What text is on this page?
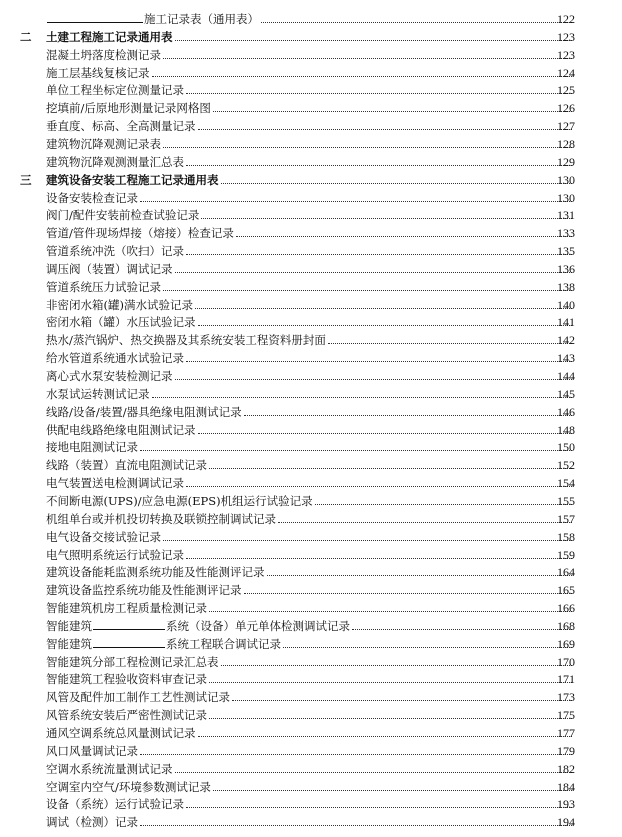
施工记录表（通用表）	122
二 土建工程施工记录通用表	123
混凝土坍落度检测记录	123
施工层基线复核记录	124
单位工程坐标定位测量记录	125
挖填前/后原地形测量记录网格图	126
垂直度、标高、全高测量记录	127
建筑物沉降观测记录表	128
建筑物沉降观测测量汇总表	129
三 建筑设备安装工程施工记录通用表	130
设备安装检查记录	130
阀门/配件安装前检查试验记录	131
管道/管件现场焊接（熔接）检查记录	133
管道系统冲洗（吹扫）记录	135
调压阀（装置）调试记录	136
管道系统压力试验记录	138
非密闭水箱(罐)满水试验记录	140
密闭水箱（罐）水压试验记录	141
热水/蒸汽锅炉、热交换器及其系统安装工程资料册封面	142
给水管道系统通水试验记录	143
离心式水泵安装检测记录	144
水泵试运转测试记录	145
线路/设备/装置/器具绝缘电阻测试记录	146
供配电线路绝缘电阻测试记录	148
接地电阻测试记录	150
线路（装置）直流电阻测试记录	152
电气装置送电检测调试记录	154
不间断电源(UPS)/应急电源(EPS)机组运行试验记录	155
机组单台或并机投切转换及联锁控制调试记录	157
电气设备交接试验记录	158
电气照明系统运行试验记录	159
建筑设备能耗监测系统功能及性能测评记录	164
建筑设备监控系统功能及性能测评记录	165
智能建筑机房工程质量检测记录	166
智能建筑	系统（设备）单元单体检测调试记录	168
智能建筑	系统工程联合调试记录	169
智能建筑分部工程检测记录汇总表	170
智能建筑工程验收资料审查记录	171
风管及配件加工制作工艺性测试记录	173
风管系统安装后严密性测试记录	175
通风空调系统总风量测试记录	177
风口风量调试记录	179
空调水系统流量测试记录	182
空调室内空气/环境参数测试记录	184
设备（系统）运行试验记录	193
调试（检测）记录	194
